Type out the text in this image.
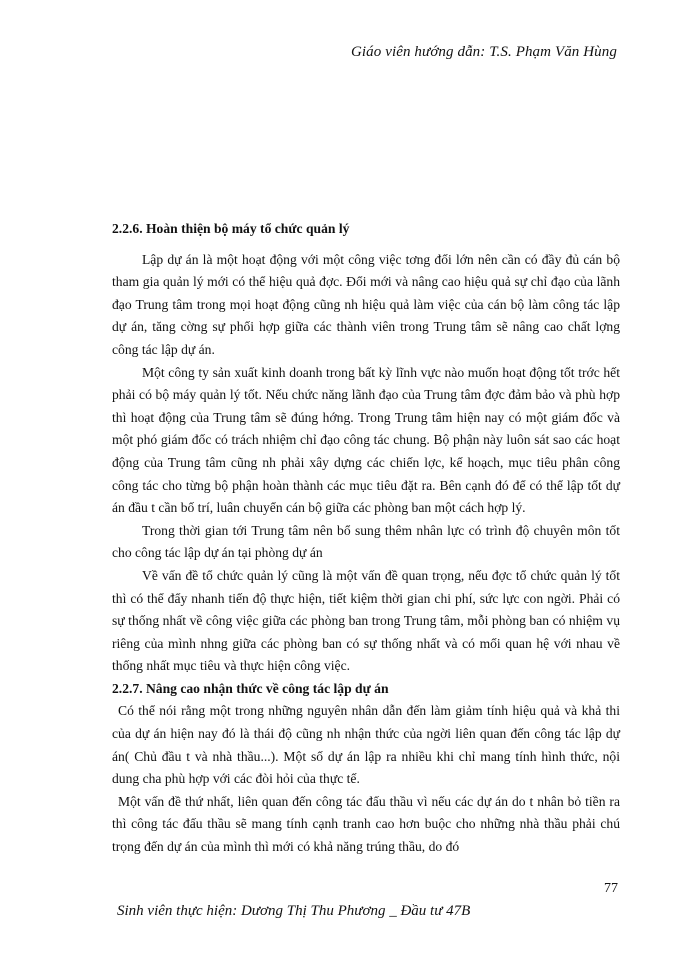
Giáo viên hướng dẫn: T.S. Phạm Văn Hùng

2.2.6. Hoàn thiện bộ máy tổ chức quản lý

Lập dự án là một hoạt động với một công việc tơng đối lớn nên cần có đầy đủ cán bộ tham gia quản lý mới có thể hiệu quả đợc. Đổi mới và nâng cao hiệu quả sự chỉ đạo của lãnh đạo Trung tâm trong mọi hoạt động cũng nh hiệu quả làm việc của cán bộ làm công tác lập dự án, tăng cờng sự phối hợp giữa các thành viên trong Trung tâm sẽ nâng cao chất lợng công tác lập dự án.

Một công ty sản xuất kinh doanh trong bất kỳ lĩnh vực nào muốn hoạt động tốt trớc hết phải có bộ máy quản lý tốt. Nếu chức năng lãnh đạo của Trung tâm đợc đảm bảo và phù hợp thì hoạt động của Trung tâm sẽ đúng hớng. Trong Trung tâm hiện nay có một giám đốc và một phó giám đốc có trách nhiệm chỉ đạo công tác chung. Bộ phận này luôn sát sao các hoạt động của Trung tâm cũng nh phải xây dựng các chiến lợc, kế hoạch, mục tiêu phân công công tác cho từng bộ phận hoàn thành các mục tiêu đặt ra. Bên cạnh đó để có thể lập tốt dự án đầu t cần bố trí, luân chuyển cán bộ giữa các phòng ban một cách hợp lý.

Trong thời gian tới Trung tâm nên bổ sung thêm nhân lực có trình độ chuyên môn tốt cho công tác lập dự án tại phòng dự án

Về vấn đề tổ chức quản lý cũng là một vấn đề quan trọng, nếu đợc tổ chức quản lý tốt thì có thể đẩy nhanh tiến độ thực hiện, tiết kiệm thời gian chi phí, sức lực con ngời. Phải có sự thống nhất về công việc giữa các phòng ban trong Trung tâm, mỗi phòng ban có nhiệm vụ riêng của mình nhng giữa các phòng ban có sự thống nhất và có mối quan hệ với nhau về thống nhất mục tiêu và thực hiện công việc.

2.2.7. Nâng cao nhận thức về công tác lập dự án

Có thể nói rằng một trong những nguyên nhân dẫn đến làm giảm tính hiệu quả và khả thi của dự án hiện nay đó là thái độ cũng nh nhận thức của ngời liên quan đến công tác lập dự án( Chủ đầu t và nhà thầu...). Một số dự án lập ra nhiều khi chỉ mang tính hình thức, nội dung cha phù hợp với các đòi hỏi của thực tế.

Một vấn đề thứ nhất, liên quan đến công tác đấu thầu vì nếu các dự án do t nhân bỏ tiền ra thì công tác đấu thầu sẽ mang tính cạnh tranh cao hơn buộc cho những nhà thầu phải chú trọng đến dự án của mình thì mới có khả năng trúng thầu, do đó

77
Sinh viên thực hiện: Dương Thị Thu Phương _ Đầu tư 47B
